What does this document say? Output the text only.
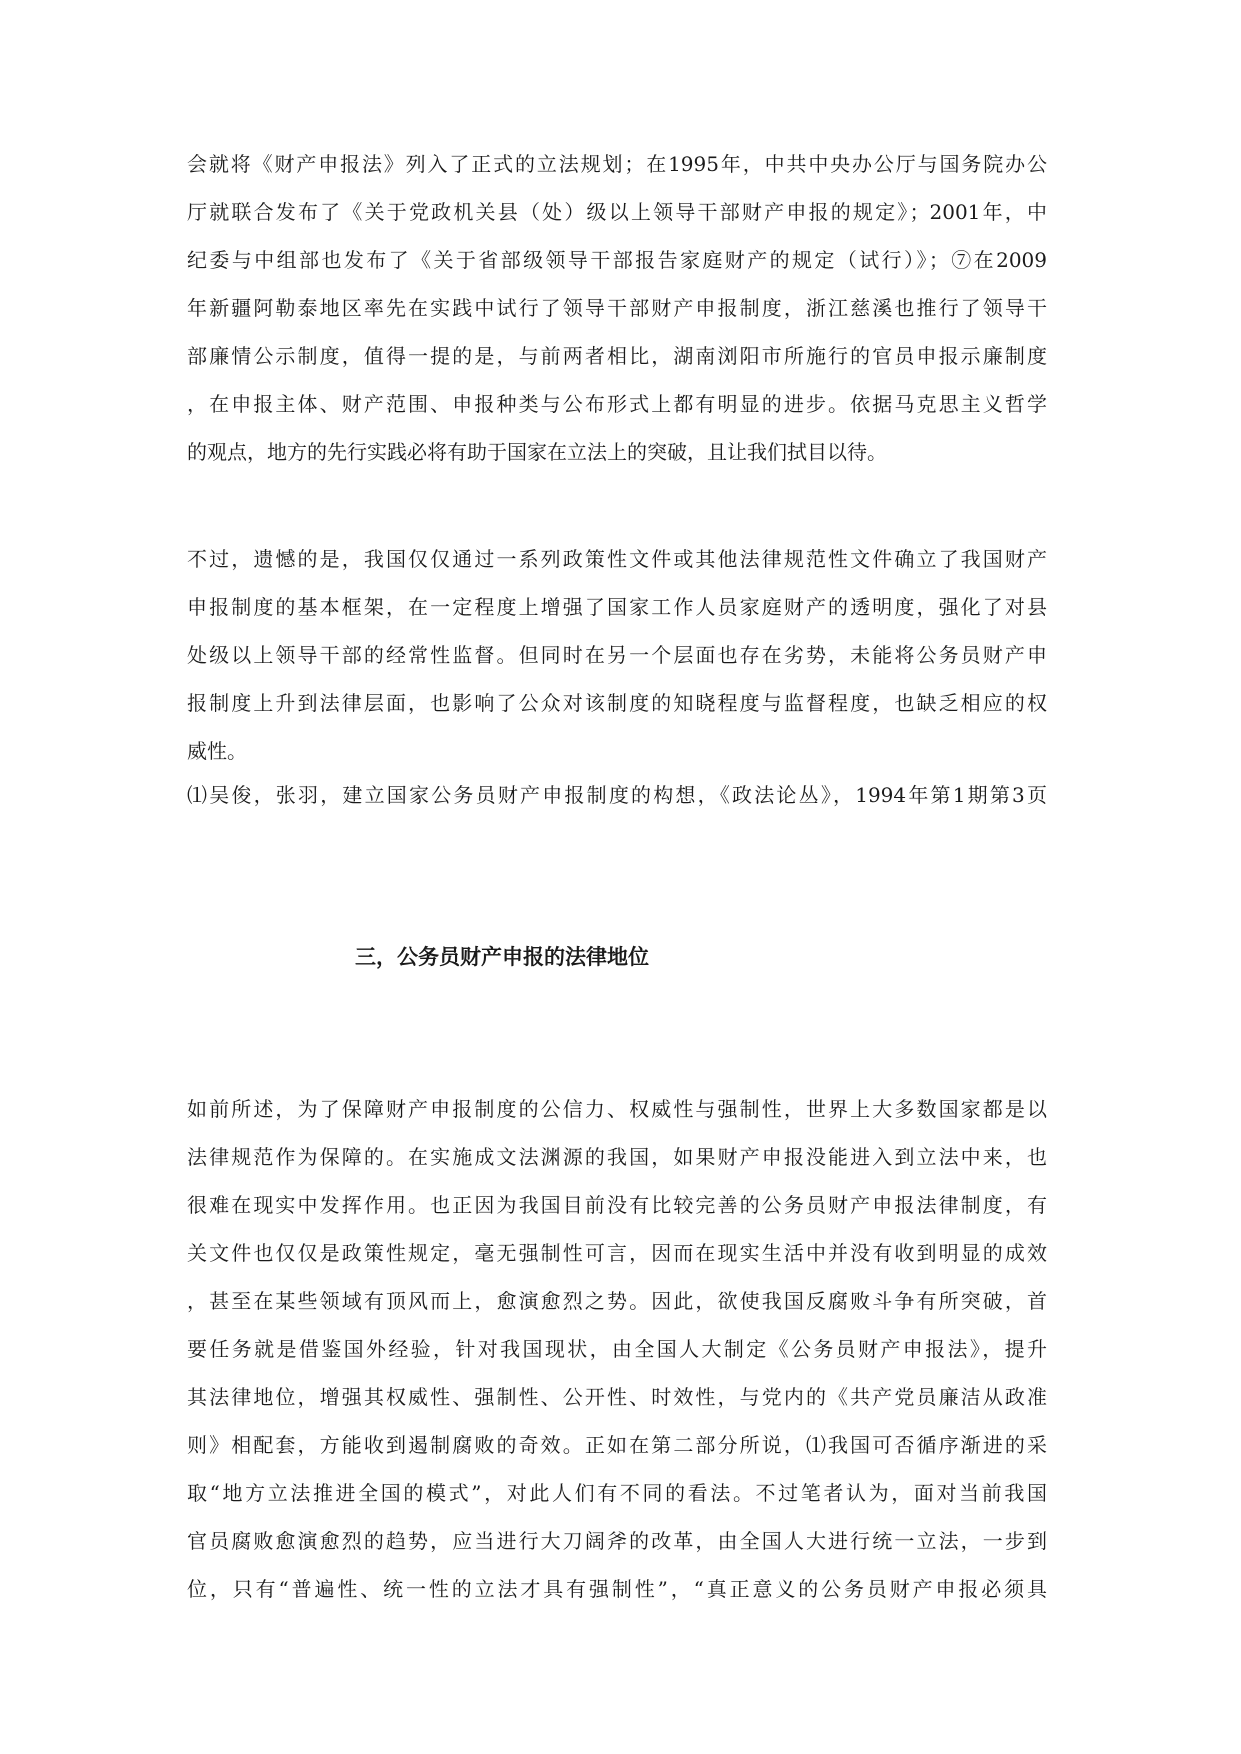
会就将《财产申报法》列入了正式的立法规划；在1995年，中共中央办公厅与国务院办公
厅就联合发布了《关于党政机关县（处）级以上领导干部财产申报的规定》；2001年，中
纪委与中组部也发布了《关于省部级领导干部报告家庭财产的规定（试行）》；⑦在2009
年新疆阿勒泰地区率先在实践中试行了领导干部财产申报制度，浙江慈溪也推行了领导干
部廉情公示制度，值得一提的是，与前两者相比，湖南浏阳市所施行的官员申报示廉制度
，在申报主体、财产范围、申报种类与公布形式上都有明显的进步。依据马克思主义哲学
的观点，地方的先行实践必将有助于国家在立法上的突破，且让我们拭目以待。
不过，遗憾的是，我国仅仅通过一系列政策性文件或其他法律规范性文件确立了我国财产
申报制度的基本框架，在一定程度上增强了国家工作人员家庭财产的透明度，强化了对县
处级以上领导干部的经常性监督。但同时在另一个层面也存在劣势，未能将公务员财产申
报制度上升到法律层面，也影响了公众对该制度的知晓程度与监督程度，也缺乏相应的权
威性。
⑴吴俊，张羽，建立国家公务员财产申报制度的构想，《政法论丛》，1994年第1期第3页
三，公务员财产申报的法律地位
如前所述，为了保障财产申报制度的公信力、权威性与强制性，世界上大多数国家都是以
法律规范作为保障的。在实施成文法渊源的我国，如果财产申报没能进入到立法中来，也
很难在现实中发挥作用。也正因为我国目前没有比较完善的公务员财产申报法律制度，有
关文件也仅仅是政策性规定，毫无强制性可言，因而在现实生活中并没有收到明显的成效
，甚至在某些领域有顶风而上，愈演愈烈之势。因此，欲使我国反腐败斗争有所突破，首
要任务就是借鉴国外经验，针对我国现状，由全国人大制定《公务员财产申报法》，提升
其法律地位，增强其权威性、强制性、公开性、时效性，与党内的《共产党员廉洁从政准
则》相配套，方能收到遏制腐败的奇效。正如在第二部分所说，⑴我国可否循序渐进的采
取“地方立法推进全国的模式”，对此人们有不同的看法。不过笔者认为，面对当前我国
官员腐败愈演愈烈的趋势，应当进行大刀阔斧的改革，由全国人大进行统一立法，一步到
位，只有“普遍性、统一性的立法才具有强制性”，“真正意义的公务员财产申报必须具
